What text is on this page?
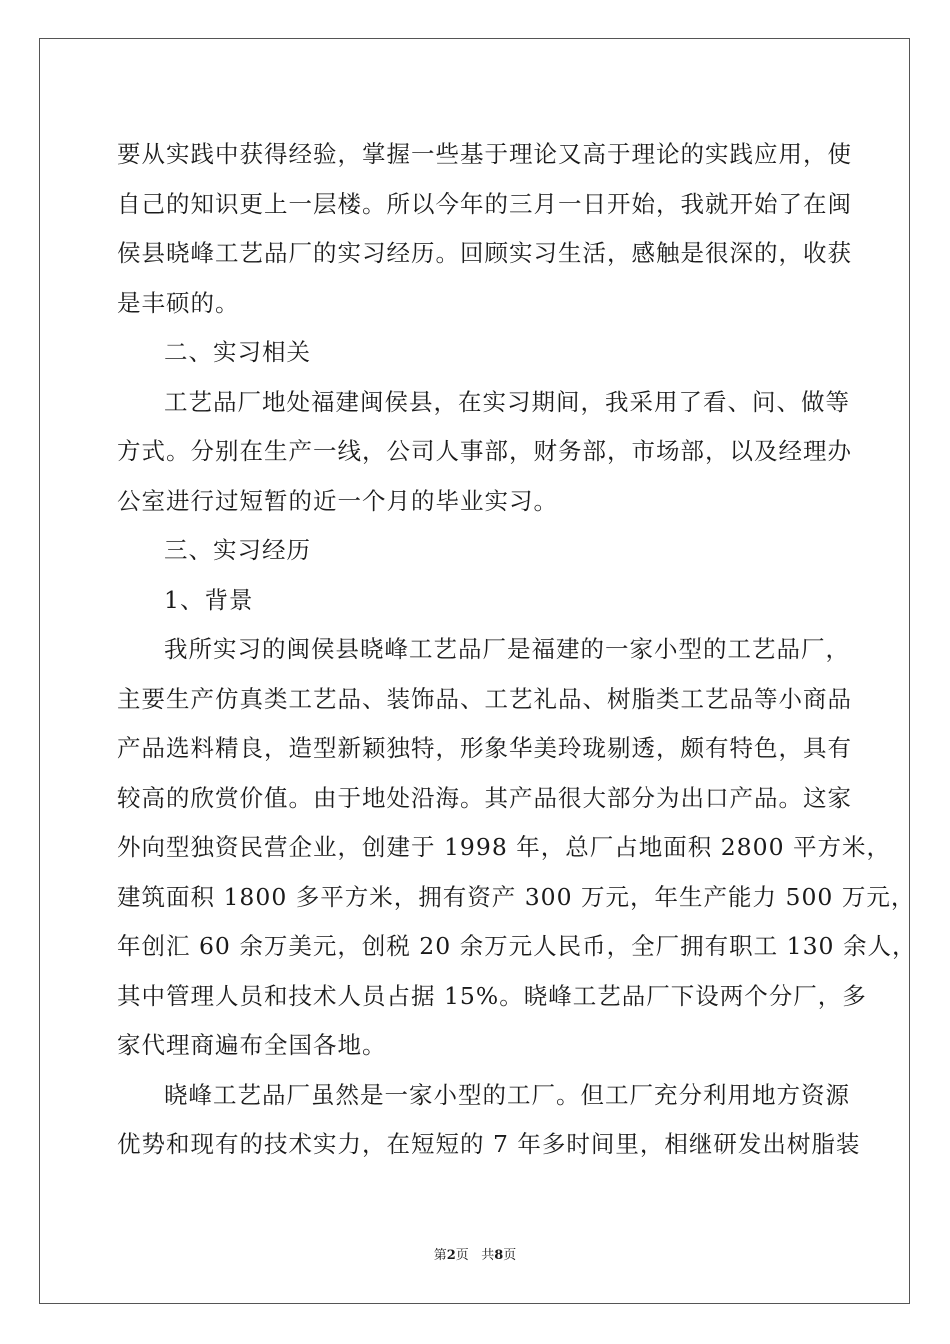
要从实践中获得经验，掌握一些基于理论又高于理论的实践应用，使
自己的知识更上一层楼。所以今年的三月一日开始，我就开始了在闽
侯县晓峰工艺品厂的实习经历。回顾实习生活，感触是很深的，收获
是丰硕的。
二、实习相关
工艺品厂地处福建闽侯县，在实习期间，我采用了看、问、做等
方式。分别在生产一线，公司人事部，财务部，市场部，以及经理办
公室进行过短暂的近一个月的毕业实习。
三、实习经历
1、背景
我所实习的闽侯县晓峰工艺品厂是福建的一家小型的工艺品厂，
主要生产仿真类工艺品、装饰品、工艺礼品、树脂类工艺品等小商品
产品选料精良，造型新颖独特，形象华美玲珑剔透，颇有特色，具有
较高的欣赏价值。由于地处沿海。其产品很大部分为出口产品。这家
外向型独资民营企业，创建于 1998 年，总厂占地面积 2800 平方米，
建筑面积 1800 多平方米，拥有资产 300 万元，年生产能力 500 万元，
年创汇 60 余万美元，创税 20 余万元人民币，全厂拥有职工 130 余人，
其中管理人员和技术人员占据 15%。晓峰工艺品厂下设两个分厂，多
家代理商遍布全国各地。
晓峰工艺品厂虽然是一家小型的工厂。但工厂充分利用地方资源
优势和现有的技术实力，在短短的 7 年多时间里，相继研发出树脂装
第2页 共8页
